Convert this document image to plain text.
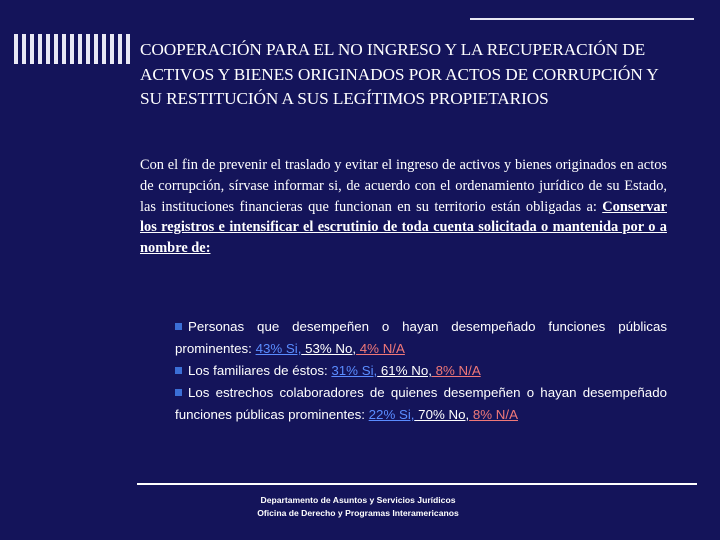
COOPERACIÓN PARA EL NO INGRESO Y LA RECUPERACIÓN DE ACTIVOS Y BIENES ORIGINADOS POR ACTOS DE CORRUPCIÓN Y SU RESTITUCIÓN A SUS LEGÍTIMOS PROPIETARIOS

Con el fin de prevenir el traslado y evitar el ingreso de activos y bienes originados en actos de corrupción, sírvase informar si, de acuerdo con el ordenamiento jurídico de su Estado, las instituciones financieras que funcionan en su territorio están obligadas a: Conservar los registros e intensificar el escrutinio de toda cuenta solicitada o mantenida por o a nombre de:

Personas que desempeñen o hayan desempeñado funciones públicas prominentes: 43% Si, 53% No, 4% N/A
Los familiares de éstos: 31% Si, 61% No, 8% N/A
Los estrechos colaboradores de quienes desempeñen o hayan desempeñado funciones públicas prominentes: 22% Si, 70% No, 8% N/A
Departamento de Asuntos y Servicios Jurídicos
Oficina de Derecho y Programas Interamericanos
